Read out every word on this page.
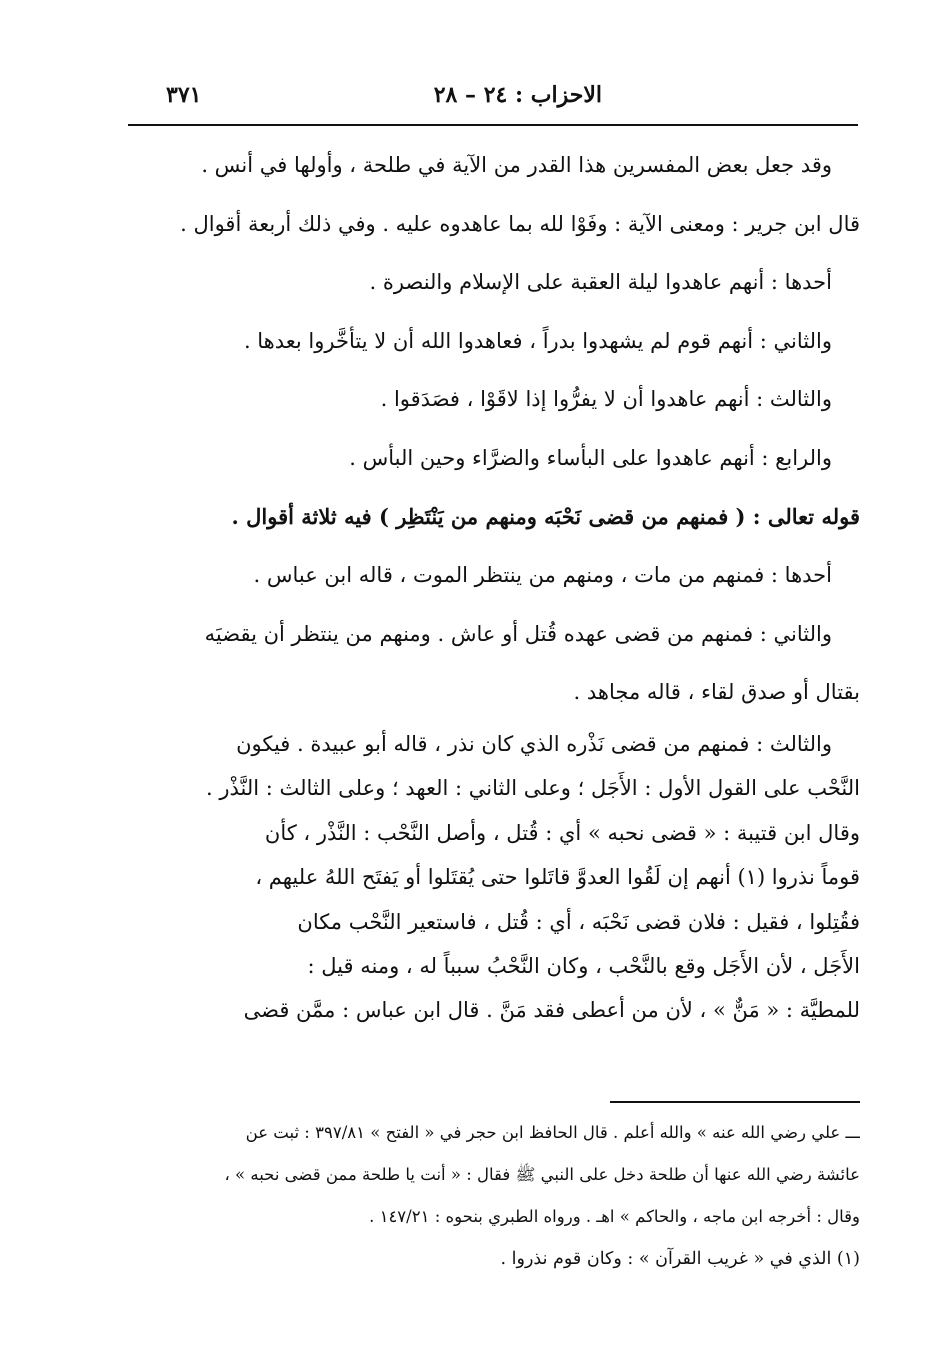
٣٧١	الاحزاب : ٢٤ – ٢٨
وقد جعل بعض المفسرين هذا القدر من الآية في طلحة ، وأولها في أنس .
قال ابن جرير : ومعنى الآية : وفَوْا لله بما عاهدوه عليه . وفي ذلك أربعة أقوال .
أحدها : أنهم عاهدوا ليلة العقبة على الإسلام والنصرة .
والثاني : أنهم قوم لم يشهدوا بدراً ، فعاهدوا الله أن لا يتأخَّروا بعدها .
والثالث : أنهم عاهدوا أن لا يفرُّوا إذا لاقَوْا ، فصَدَقوا .
والرابع : أنهم عاهدوا على البأساء والضرَّاء وحين البأس .
قوله تعالى : ( فمنهم من قضى نَحْبَه ومنهم من يَنْتَظِر ) فيه ثلاثة أقوال .
أحدها : فمنهم من مات ، ومنهم من ينتظر الموت ، قاله ابن عباس .
والثاني : فمنهم من قضى عهده قُتل أو عاش . ومنهم من ينتظر أن يقضيَه
بقتال أو صدق لقاء ، قاله مجاهد .
والثالث : فمنهم من قضى نَذْره الذي كان نذر ، قاله أبو عبيدة . فيكون
النَّحْب على القول الأول : الأَجَل ؛ وعلى الثاني : العهد ؛ وعلى الثالث : النَّذْر .
وقال ابن قتيبة : « قضى نحبه » أي : قُتل ، وأصل النَّحْب : النَّذْر ، كأن
قوماً نذروا (١) أنهم إن لَقُوا العدوَّ قاتَلوا حتى يُقتَلوا أو يَفتَح اللهُ عليهم ،
فقُتِلوا ، فقيل : فلان قضى نَحْبَه ، أي : قُتل ، فاستعير النَّحْب مكان
الأَجَل ، لأن الأَجَل وقع بالنَّحْب ، وكان النَّحْبُ سبباً له ، ومنه قيل :
للمطيَّة : « مَنٌّ » ، لأن من أعطى فقد مَنَّ . قال ابن عباس : ممَّن قضى
ـــ علي رضي الله عنه » والله أعلم . قال الحافظ ابن حجر في « الفتح » ٣٩٧/٨١ : ثبت عن
عائشة رضي الله عنها أن طلحة دخل على النبي ﷺ فقال : « أنت يا طلحة ممن قضى نحبه » ،
وقال : أخرجه ابن ماجه ، والحاكم » اهـ . ورواه الطبري بنحوه : ١٤٧/٢١ .
(١) الذي في « غريب القرآن » : وكان قوم نذروا .
